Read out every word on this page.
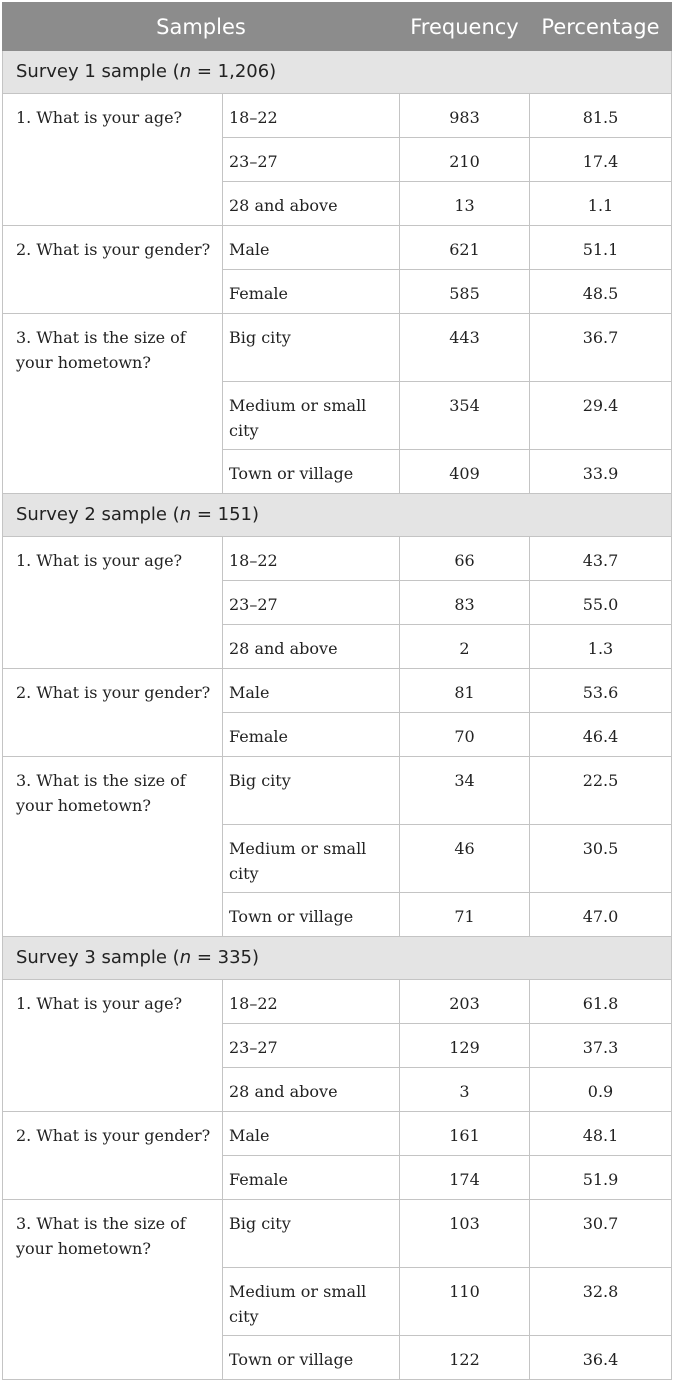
Samples		Frequency	Percentage
Survey 1 sample (n = 1,206)			
1. What is your age?	18–22	983	81.5
	23–27	210	17.4
	28 and above	13	1.1
2. What is your gender?	Male	621	51.1
	Female	585	48.5
3. What is the size of your hometown?	Big city	443	36.7
	Medium or small city	354	29.4
	Town or village	409	33.9
Survey 2 sample (n = 151)			
1. What is your age?	18–22	66	43.7
	23–27	83	55.0
	28 and above	2	1.3
2. What is your gender?	Male	81	53.6
	Female	70	46.4
3. What is the size of your hometown?	Big city	34	22.5
	Medium or small city	46	30.5
	Town or village	71	47.0
Survey 3 sample (n = 335)			
1. What is your age?	18–22	203	61.8
	23–27	129	37.3
	28 and above	3	0.9
2. What is your gender?	Male	161	48.1
	Female	174	51.9
3. What is the size of your hometown?	Big city	103	30.7
	Medium or small city	110	32.8
	Town or village	122	36.4
